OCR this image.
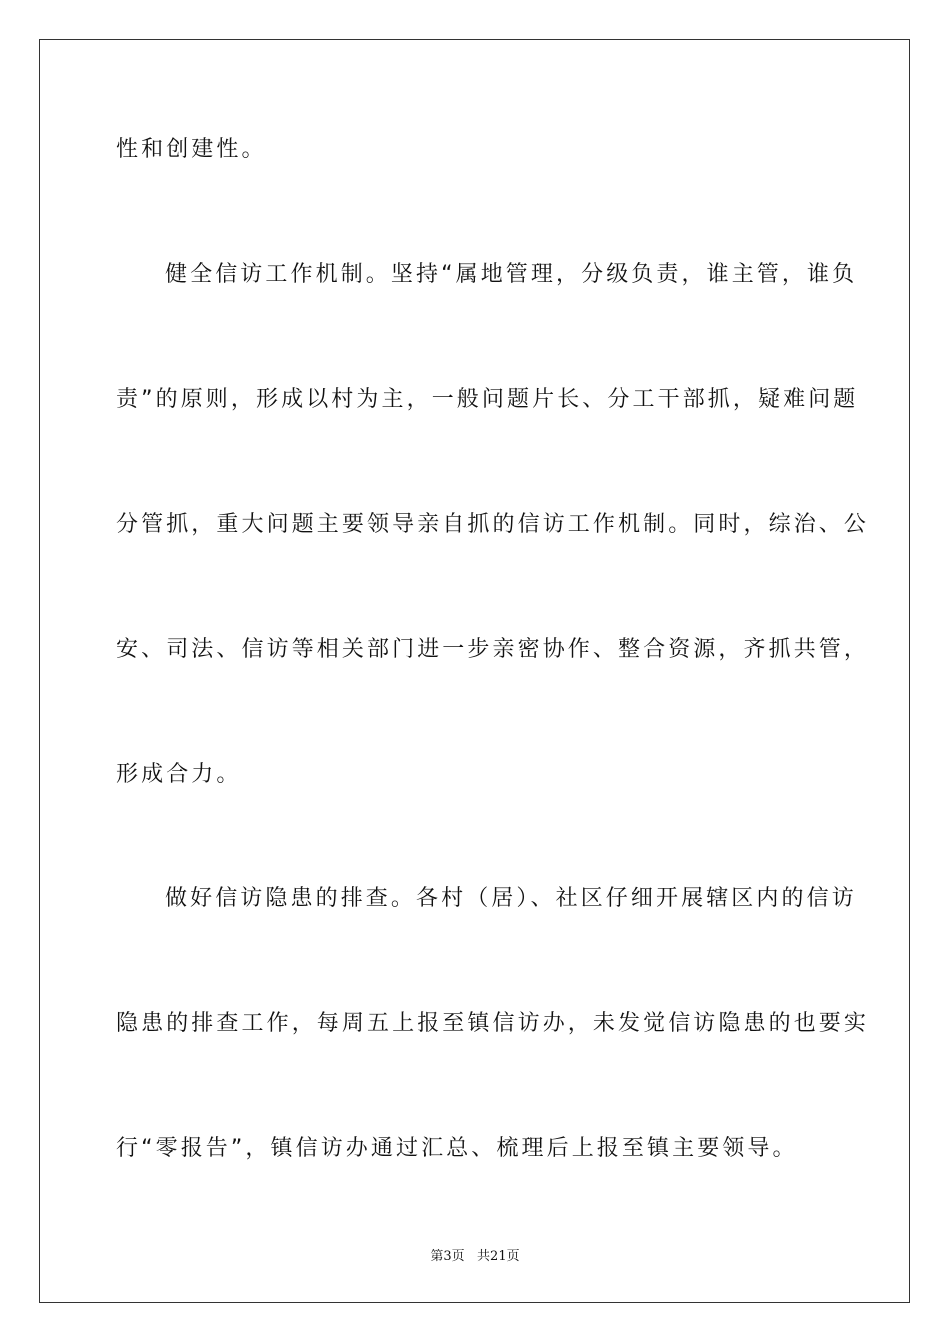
性和创建性。
健全信访工作机制。坚持“属地管理，分级负责，谁主管，谁负
责”的原则，形成以村为主，一般问题片长、分工干部抓，疑难问题
分管抓，重大问题主要领导亲自抓的信访工作机制。同时，综治、公
安、司法、信访等相关部门进一步亲密协作、整合资源，齐抓共管，
形成合力。
做好信访隐患的排查。各村（居）、社区仔细开展辖区内的信访
隐患的排查工作，每周五上报至镇信访办，未发觉信访隐患的也要实
行“零报告”，镇信访办通过汇总、梳理后上报至镇主要领导。
第3页   共21页
